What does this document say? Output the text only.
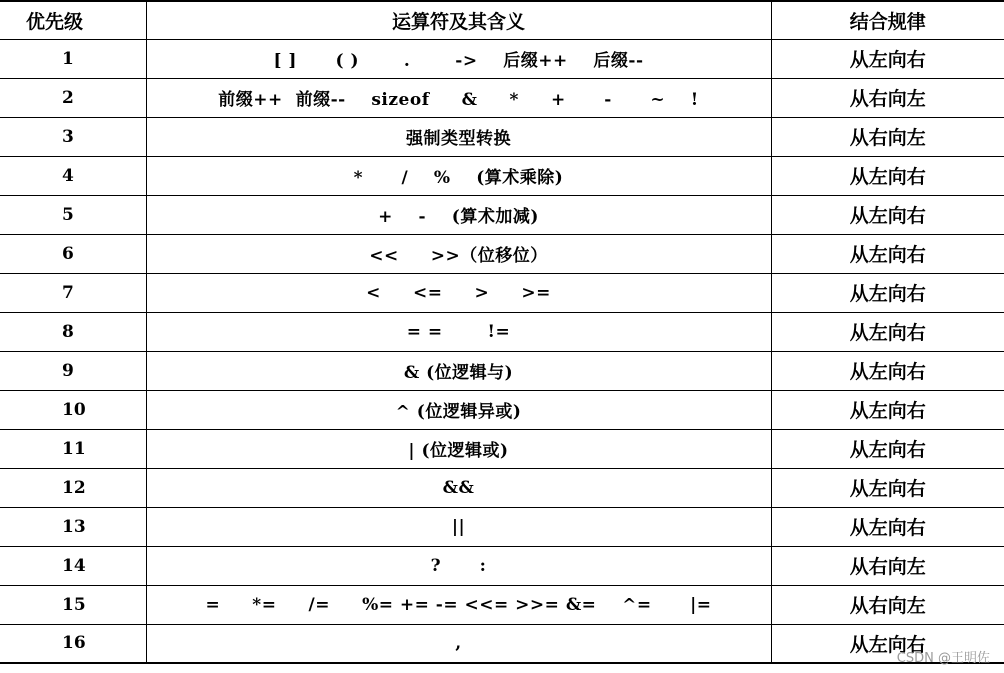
优先级	运算符及其含义	结合规律
1	[ ]      ( )       .       ->    后缀++    后缀--	从左向右
2	前缀++  前缀--    sizeof     &     *     +      -      ~    !	从右向左
3	强制类型转换	从右向左
4	*      /    %    (算术乘除)	从左向右
5	+    -    (算术加减)	从左向右
6	<<     >>（位移位）	从左向右
7	<     <=     >     >=	从左向右
8	= =       !=	从左向右
9	& (位逻辑与)	从左向右
10	^ (位逻辑异或)	从左向右
11	| (位逻辑或)	从左向右
12	&&	从左向右
13	||	从左向右
14	?      :	从右向左
15	=     *=     /=     %= += -= <<= >>= &=    ^=      |=	从右向左
16	,	从左向右
CSDN @王明佐
